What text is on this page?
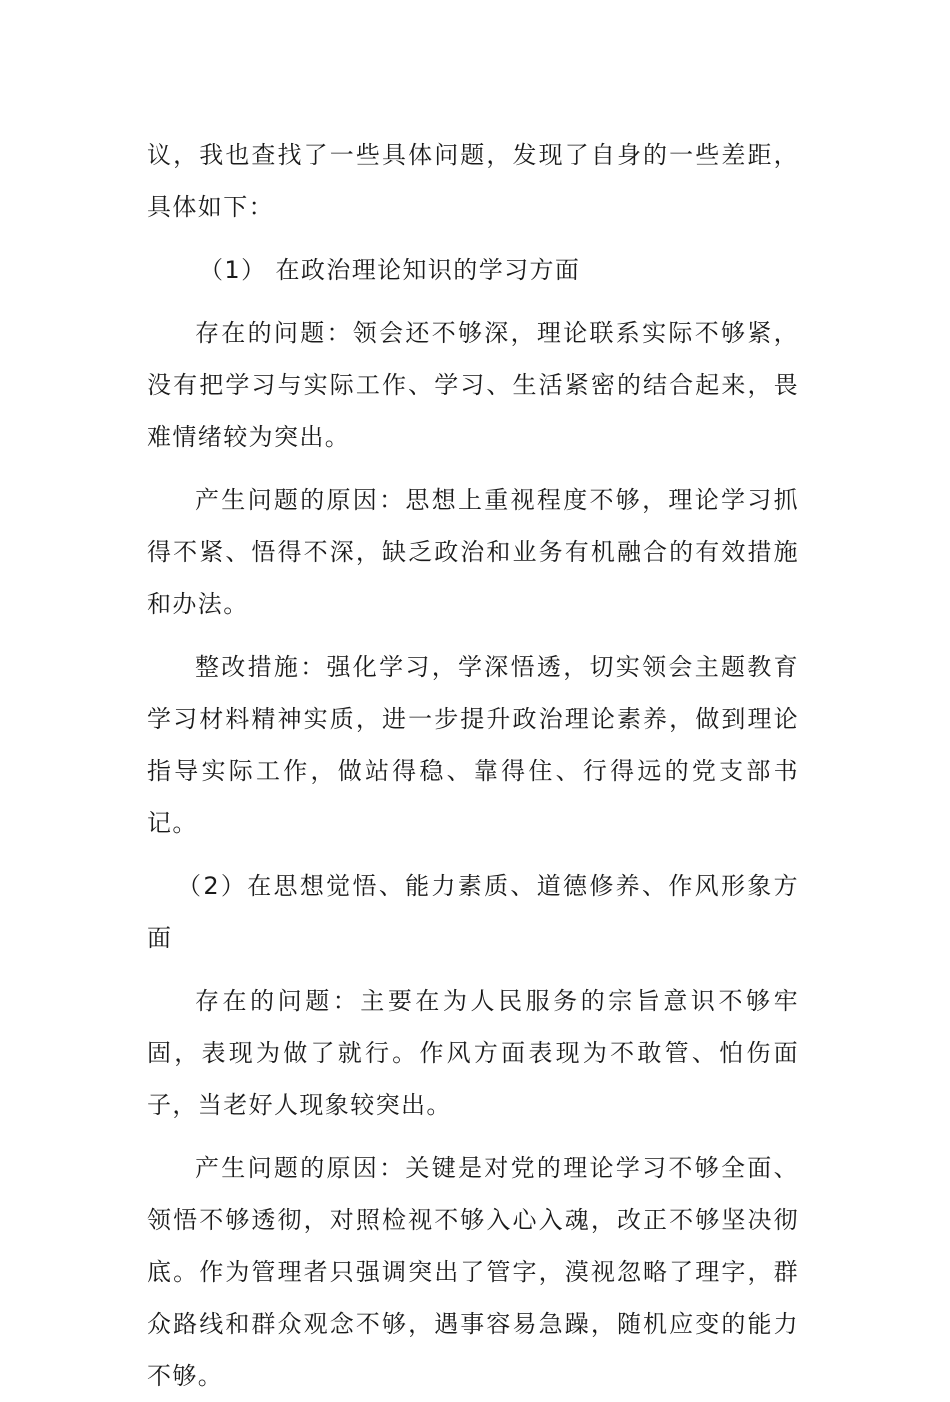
议，我也查找了一些具体问题，发现了自身的一些差距，具体如下：

（1） 在政治理论知识的学习方面

存在的问题：领会还不够深，理论联系实际不够紧，没有把学习与实际工作、学习、生活紧密的结合起来，畏难情绪较为突出。

产生问题的原因：思想上重视程度不够，理论学习抓得不紧、悟得不深，缺乏政治和业务有机融合的有效措施和办法。

整改措施：强化学习，学深悟透，切实领会主题教育学习材料精神实质，进一步提升政治理论素养，做到理论指导实际工作，做站得稳、靠得住、行得远的党支部书记。

（2）在思想觉悟、能力素质、道德修养、作风形象方面

存在的问题：主要在为人民服务的宗旨意识不够牢固，表现为做了就行。作风方面表现为不敢管、怕伤面子，当老好人现象较突出。

产生问题的原因：关键是对党的理论学习不够全面、领悟不够透彻，对照检视不够入心入魂，改正不够坚决彻底。作为管理者只强调突出了管字，漠视忽略了理字，群众路线和群众观念不够，遇事容易急躁，随机应变的能力不够。
